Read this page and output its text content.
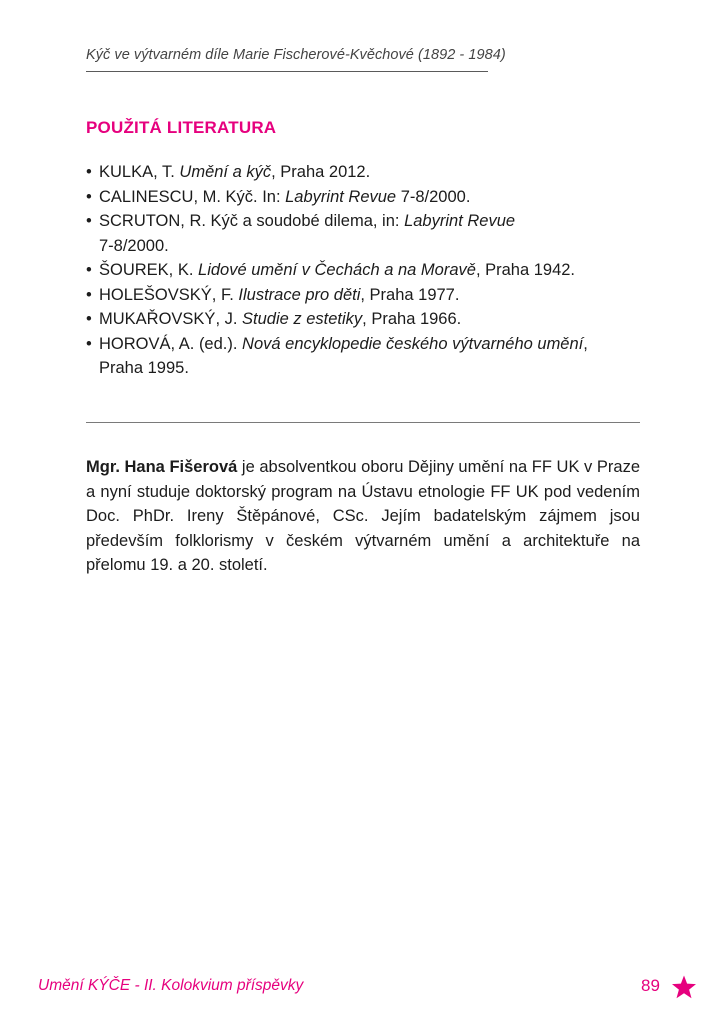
Kýč ve výtvarném díle Marie Fischerové-Kvěchové (1892 - 1984)
POUŽITÁ LITERATURA
• KULKA, T. Umění a kýč, Praha 2012.
• CALINESCU, M. Kýč. In: Labyrint Revue 7-8/2000.
• SCRUTON, R. Kýč a soudobé dilema, in: Labyrint Revue
7-8/2000.
• ŠOUREK, K. Lidové umění v Čechách a na Moravě, Praha 1942.
• HOLEŠOVSKÝ, F. Ilustrace pro děti, Praha 1977.
• MUKAŘOVSKÝ, J. Studie z estetiky, Praha 1966.
• HOROVÁ, A. (ed.). Nová encyklopedie českého výtvarného umění, Praha 1995.

Mgr. Hana Fišerová je absolventkou oboru Dějiny umění na FF UK v Praze a nyní studuje doktorský program na Ústavu etnologie FF UK pod vedením Doc. PhDr. Ireny Štěpánové, CSc. Jejím badatelským zájmem jsou především folklorismy v českém výtvarném umění a architektuře na přelomu 19. a 20. století.

Umění KÝČE - II. Kolokvium příspěvky	89
